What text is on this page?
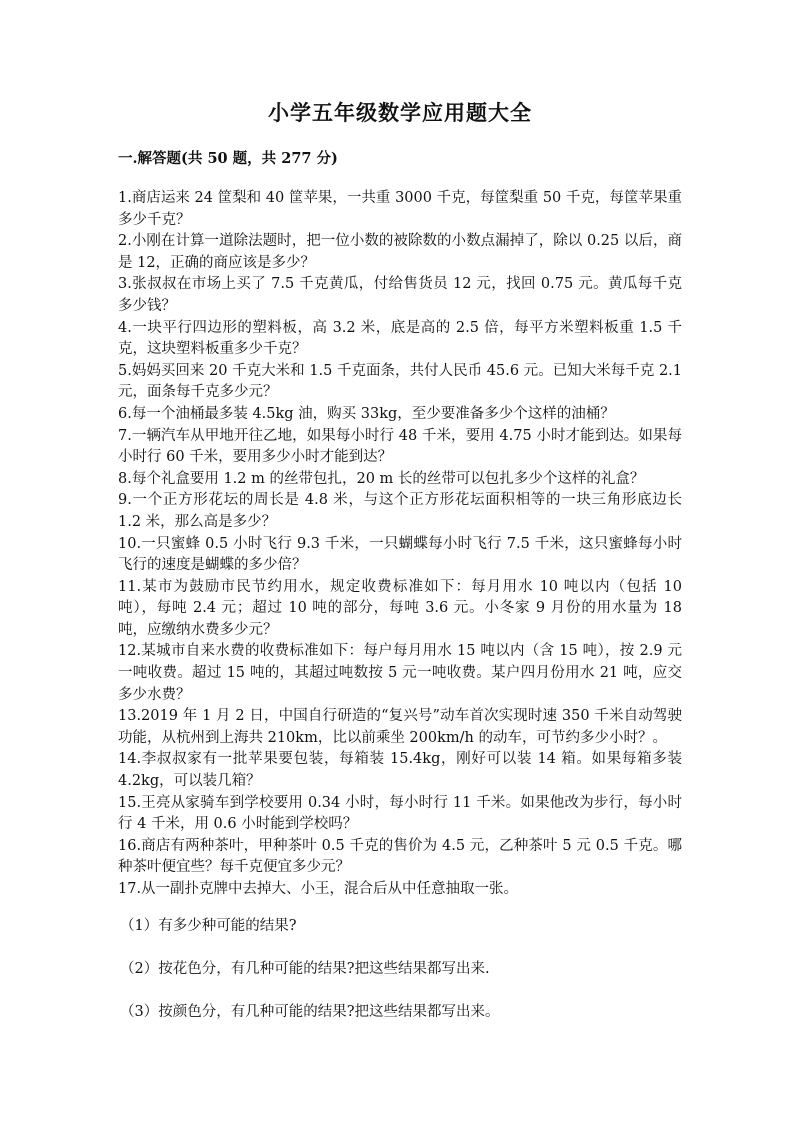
小学五年级数学应用题大全
一.解答题(共 50 题，共 277 分)

1.商店运来 24 筐梨和 40 筐苹果，一共重 3000 千克，每筐梨重 50 千克，每筐苹果重多少千克？

2.小刚在计算一道除法题时，把一位小数的被除数的小数点漏掉了，除以 0.25 以后，商是 12，正确的商应该是多少？

3.张叔叔在市场上买了 7.5 千克黄瓜，付给售货员 12 元，找回 0.75 元。黄瓜每千克多少钱？

4.一块平行四边形的塑料板，高 3.2 米，底是高的 2.5 倍，每平方米塑料板重 1.5 千克，这块塑料板重多少千克？

5.妈妈买回来 20 千克大米和 1.5 千克面条，共付人民币 45.6 元。已知大米每千克 2.1 元，面条每千克多少元？

6.每一个油桶最多装 4.5kg 油，购买 33kg，至少要准备多少个这样的油桶？

7.一辆汽车从甲地开往乙地，如果每小时行 48 千米，要用 4.75 小时才能到达。如果每小时行 60 千米，要用多少小时才能到达？

8.每个礼盒要用 1.2 m 的丝带包扎，20 m 长的丝带可以包扎多少个这样的礼盒？

9.一个正方形花坛的周长是 4.8 米，与这个正方形花坛面积相等的一块三角形底边长 1.2 米，那么高是多少？

10.一只蜜蜂 0.5 小时飞行 9.3 千米，一只蝴蝶每小时飞行 7.5 千米，这只蜜蜂每小时飞行的速度是蝴蝶的多少倍？

11.某市为鼓励市民节约用水，规定收费标准如下：每月用水 10 吨以内（包括 10 吨），每吨 2.4 元；超过 10 吨的部分，每吨 3.6 元。小冬家 9 月份的用水量为 18 吨，应缴纳水费多少元？

12.某城市自来水费的收费标准如下：每户每月用水 15 吨以内（含 15 吨），按 2.9 元一吨收费。超过 15 吨的，其超过吨数按 5 元一吨收费。某户四月份用水 21 吨，应交多少水费？

13.2019 年 1 月 2 日，中国自行研造的“复兴号”动车首次实现时速 350 千米自动驾驶功能，从杭州到上海共 210km，比以前乘坐 200km/h 的动车，可节约多少小时？。

14.李叔叔家有一批苹果要包装，每箱装 15.4kg，刚好可以装 14 箱。如果每箱多装 4.2kg，可以装几箱？

15.王亮从家骑车到学校要用 0.34 小时，每小时行 11 千米。如果他改为步行，每小时行 4 千米，用 0.6 小时能到学校吗？

16.商店有两种茶叶，甲种茶叶 0.5 千克的售价为 4.5 元，乙种茶叶 5 元 0.5 千克。哪种茶叶便宜些？每千克便宜多少元？

17.从一副扑克牌中去掉大、小王，混合后从中任意抽取一张。

（1）有多少种可能的结果?

（2）按花色分，有几种可能的结果?把这些结果都写出来.

（3）按颜色分，有几种可能的结果?把这些结果都写出来。
